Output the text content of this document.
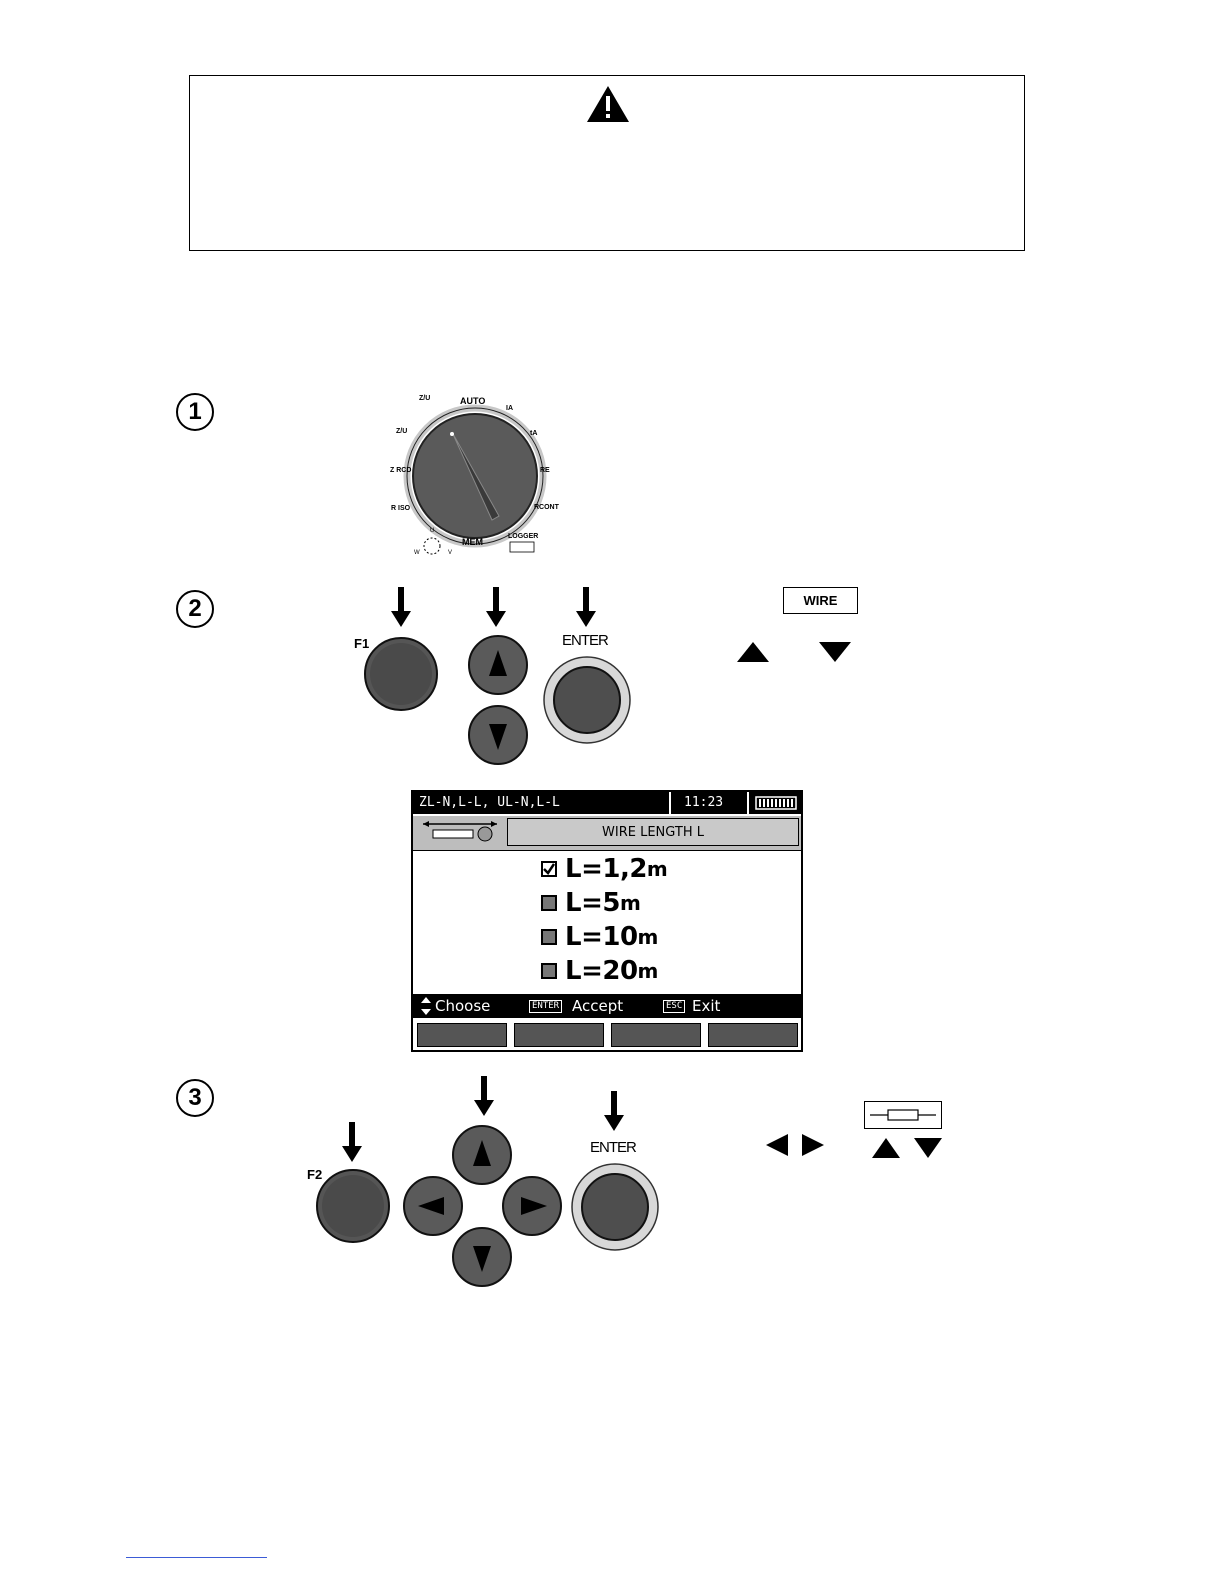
1	AUTO
MEM
LOGGER
Z/U
Z/U
Z RCD
R ISO
IA
tA
RE
RCONT
U
W	V
2
F1	ENTER
WIRE
ZL-N,L-L, UL-N,L-L	11:23
WIRE LENGTH L
L=1,2 m
L=5 m
L=10 m
L=20 m
Choose	ENTER Accept	ESC Exit
3
F2
ENTER
